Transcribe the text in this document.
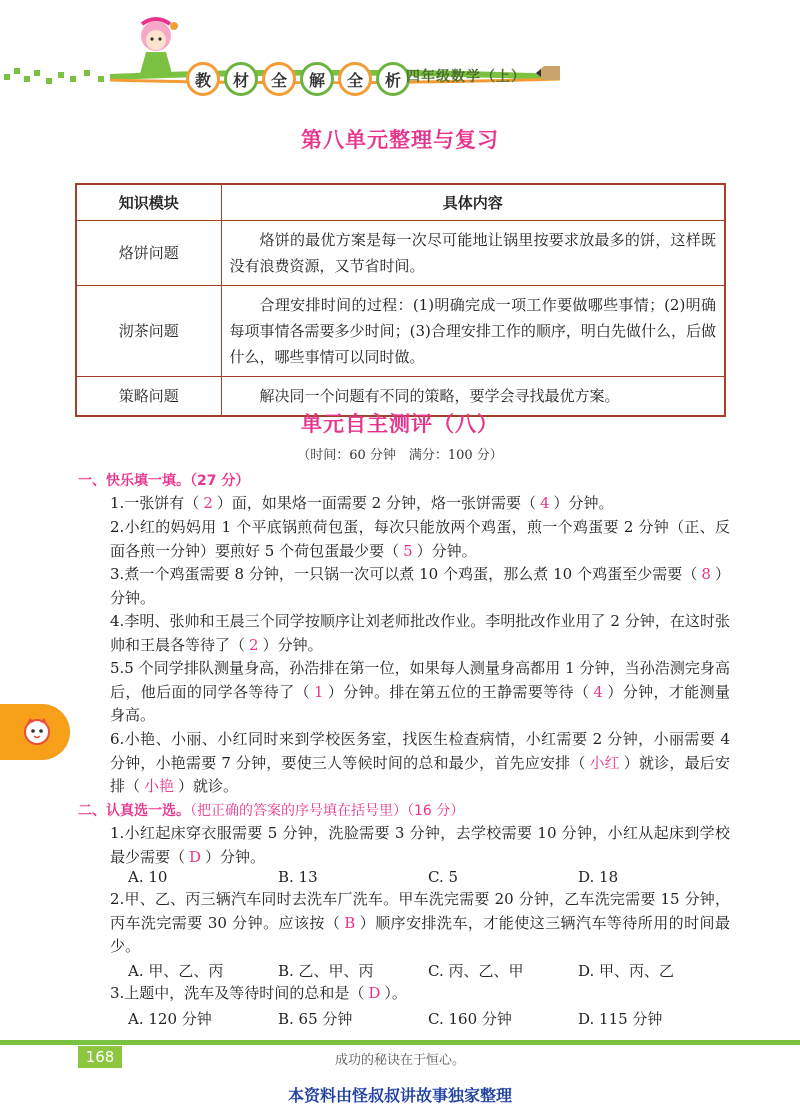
教	材	全	解	全	析 四年级数学（上）
第八单元整理与复习
知识模块	具体内容
烙饼问题	烙饼的最优方案是每一次尽可能地让锅里按要求放最多的饼，这样既没有浪费资源，又节省时间。
沏茶问题	合理安排时间的过程：(1)明确完成一项工作要做哪些事情；(2)明确每项事情各需要多少时间；(3)合理安排工作的顺序，明白先做什么，后做什么，哪些事情可以同时做。
策略问题	解决同一个问题有不同的策略，要学会寻找最优方案。
单元自主测评（八）
（时间：60 分钟　满分：100 分）
一、快乐填一填。（27 分）
1.一张饼有（ 2 ）面，如果烙一面需要 2 分钟，烙一张饼需要（ 4 ）分钟。
2.小红的妈妈用 1 个平底锅煎荷包蛋，每次只能放两个鸡蛋，煎一个鸡蛋要 2 分钟（正、反面各煎一分钟）要煎好 5 个荷包蛋最少要（ 5 ）分钟。
3.煮一个鸡蛋需要 8 分钟，一只锅一次可以煮 10 个鸡蛋，那么煮 10 个鸡蛋至少需要（ 8 ）分钟。
4.李明、张帅和王晨三个同学按顺序让刘老师批改作业。李明批改作业用了 2 分钟，在这时张帅和王晨各等待了（ 2 ）分钟。
5.5 个同学排队测量身高，孙浩排在第一位，如果每人测量身高都用 1 分钟，当孙浩测完身高后，他后面的同学各等待了（ 1 ）分钟。排在第五位的王静需要等待（ 4 ）分钟，才能测量身高。
6.小艳、小丽、小红同时来到学校医务室，找医生检查病情，小红需要 2 分钟，小丽需要 4 分钟，小艳需要 7 分钟，要使三人等候时间的总和最少，首先应安排（ 小红 ）就诊，最后安排（ 小艳 ）就诊。
二、认真选一选。（把正确的答案的序号填在括号里）（16 分）
1.小红起床穿衣服需要 5 分钟，洗脸需要 3 分钟，去学校需要 10 分钟，小红从起床到学校最少需要（ D ）分钟。
A. 10	B. 13	C. 5	D. 18
2.甲、乙、丙三辆汽车同时去洗车厂洗车。甲车洗完需要 20 分钟，乙车洗完需要 15 分钟，丙车洗完需要 30 分钟。应该按（ B ）顺序安排洗车，才能使这三辆汽车等待所用的时间最少。
A. 甲、乙、丙	B. 乙、甲、丙	C. 丙、乙、甲	D. 甲、丙、乙
3.上题中，洗车及等待时间的总和是（ D ）。
A. 120 分钟	B. 65 分钟	C. 160 分钟	D. 115 分钟
168	成功的秘诀在于恒心。
本资料由怪叔叔讲故事独家整理
